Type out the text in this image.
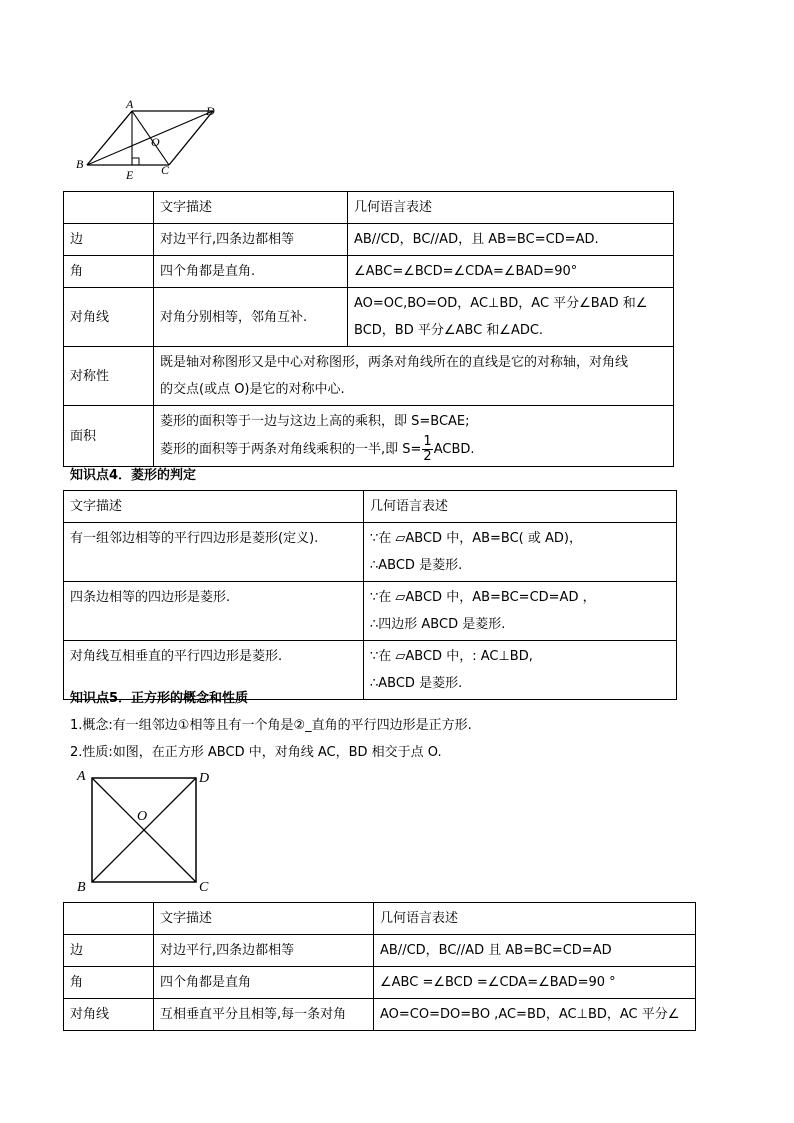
A	D
B	C
O
E
	文字描述	几何语言表述
边	对边平行,四条边都相等	AB//CD，BC//AD，且 AB=BC=CD=AD.
角	四个角都是直角.	∠ABC=∠BCD=∠CDA=∠BAD=90°
对角线	对角分别相等，邻角互补.	AO=OC,BO=OD，AC⊥BD，AC 平分∠BAD 和∠
BCD，BD 平分∠ABC 和∠ADC.

对称性	既是轴对称图形又是中心对称图形，两条对角线所在的直线是它的对称轴，对角线
的交点(或点 O)是它的对称中心.	

面积	菱形的面积等于一边与这边上高的乘积，即 S=BCAE;
菱形的面积等于两条对角线乘积的一半,即 $S= \frac{1}{2}$ ACBD.	
知识点4．菱形的判定
文字描述	几何语言表述
有一组邻边相等的平行四边形是菱形(定义).	∵在 ▱ABCD 中，AB=BC( 或 AD)，
∴ABCD 是菱形.

四条边相等的四边形是菱形.	∵在 ▱ABCD 中，AB=BC=CD=AD ，
∴四边形 ABCD 是菱形.

对角线互相垂直的平行四边形是菱形.	∵在 ▱ABCD 中，: AC⊥BD,
∴ABCD 是菱形.
知识点5．正方形的概念和性质
1.概念:有一组邻边①相等且有一个角是②_直角的平行四边形是正方形.
2.性质:如图，在正方形 ABCD 中，对角线 AC，BD 相交于点 O.
A	D
B	C
O
	文字描述	几何语言表述
边	对边平行,四条边都相等	AB//CD，BC//AD 且 AB=BC=CD=AD
角	四个角都是直角	∠ABC =∠BCD =∠CDA=∠BAD=90 °
对角线	互相垂直平分且相等,每一条对角	AO=CO=DO=BO ,AC=BD，AC⊥BD，AC 平分∠
